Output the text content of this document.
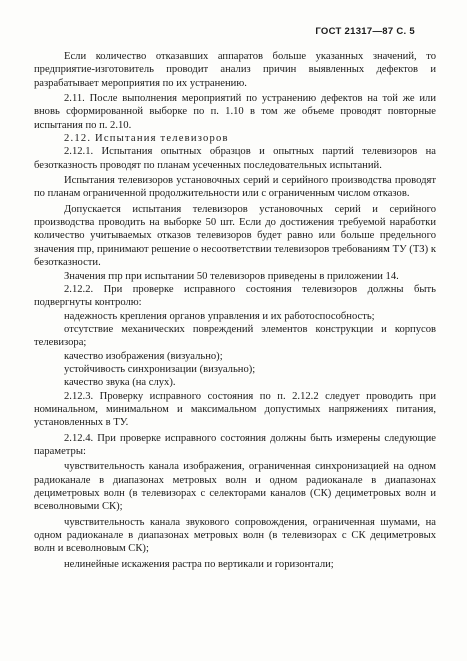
ГОСТ 21317—87 С. 5

Если количество отказавших аппаратов больше указанных значений, то предприятие-изготовитель проводит анализ причин выявленных дефектов и разрабатывает мероприятия по их устранению.

2.11. После выполнения мероприятий по устранению дефектов на той же или вновь сформированной выборке по п. 1.10 в том же объеме проводят повторные испытания по п. 2.10.

2.12. Испытания телевизоров

2.12.1. Испытания опытных образцов и опытных партий телевизоров на безотказность проводят по планам усеченных последовательных испытаний.

Испытания телевизоров установочных серий и серийного производства проводят по планам ограниченной продолжительности или с ограниченным числом отказов.

Допускается испытания телевизоров установочных серий и серийного производства проводить на выборке 50 шт. Если до достижения требуемой наработки количество учитываемых отказов телевизоров будет равно или больше предельного значения rпр, принимают решение о несоответствии телевизоров требованиям ТУ (ТЗ) к безотказности.

Значения rпр при испытании 50 телевизоров приведены в приложении 14.

2.12.2. При проверке исправного состояния телевизоров должны быть подвергнуты контролю:

надежность крепления органов управления и их работоспособность;

отсутствие механических повреждений элементов конструкции и корпусов телевизора;

качество изображения (визуально);

устойчивость синхронизации (визуально);

качество звука (на слух).

2.12.3. Проверку исправного состояния по п. 2.12.2 следует проводить при номинальном, минимальном и максимальном допустимых напряжениях питания, установленных в ТУ.

2.12.4. При проверке исправного состояния должны быть измерены следующие параметры:

чувствительность канала изображения, ограниченная синхронизацией на одном радиоканале в диапазонах метровых волн и одном радиоканале в диапазонах дециметровых волн (в телевизорах с селекторами каналов (СК) дециметровых волн и всеволновыми СК);

чувствительность канала звукового сопровождения, ограниченная шумами, на одном радиоканале в диапазонах метровых волн (в телевизорах с СК дециметровых волн и всеволновым СК);

нелинейные искажения растра по вертикали и горизонтали;
